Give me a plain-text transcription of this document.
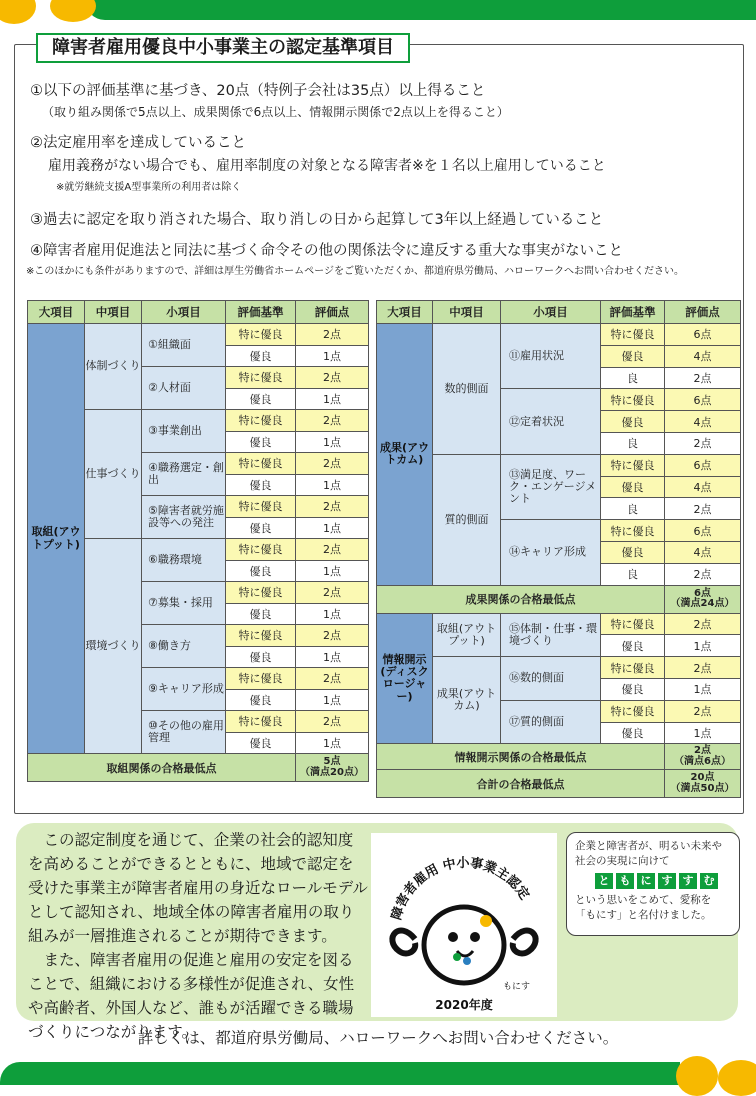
障害者雇用優良中小事業主の認定基準項目
①以下の評価基準に基づき、20点（特例子会社は35点）以上得ること
（取り組み関係で5点以上、成果関係で6点以上、情報開示関係で2点以上を得ること）
②法定雇用率を達成していること
雇用義務がない場合でも、雇用率制度の対象となる障害者※を１名以上雇用していること
※就労継続支援A型事業所の利用者は除く
③過去に認定を取り消された場合、取り消しの日から起算して3年以上経過していること
④障害者雇用促進法と同法に基づく命令その他の関係法令に違反する重大な事実がないこと
※このほかにも条件がありますので、詳細は厚生労働省ホームページをご覧いただくか、都道府県労働局、ハローワークへお問い合わせください。
大項目	中項目	小項目	評価基準	評価点
取組(アウトプット)	体制づくり	①組織面	特に優良	2点
			優良	1点
		②人材面	特に優良	2点
			優良	1点
	仕事づくり	③事業創出	特に優良	2点
			優良	1点
		④職務選定・創出	特に優良	2点
			優良	1点
		⑤障害者就労施設等への発注	特に優良	2点
			優良	1点
	環境づくり	⑥職務環境	特に優良	2点
			優良	1点
		⑦募集・採用	特に優良	2点
			優良	1点
		⑧働き方	特に優良	2点
			優良	1点
		⑨キャリア形成	特に優良	2点
			優良	1点
		⑩その他の雇用管理	特に優良	2点
			優良	1点
取組関係の合格最低点				5点
（満点20点）
大項目	中項目	小項目	評価基準	評価点
成果(アウトカム)	数的側面	⑪雇用状況	特に優良	6点
			優良	4点
			良	2点
		⑫定着状況	特に優良	6点
			優良	4点
			良	2点
	質的側面	⑬満足度、ワーク・エンゲージメント	特に優良	6点
			優良	4点
			良	2点
		⑭キャリア形成	特に優良	6点
			優良	4点
			良	2点
成果関係の合格最低点				6点
（満点24点）

情報開示(ディスクロージャー)	取組(アウトプット)	⑮体制・仕事・環境づくり	特に優良	2点
			優良	1点
	成果(アウトカム)	⑯数的側面	特に優良	2点
			優良	1点
		⑰質的側面	特に優良	2点
			優良	1点
情報開示関係の合格最低点				2点
（満点6点）

合計の合格最低点				20点
（満点50点）
　この認定制度を通じて、企業の社会的認知度を高めることができるとともに、地域で認定を受けた事業主が障害者雇用の身近なロールモデルとして認知され、地域全体の障害者雇用の取り組みが一層推進されることが期待できます。
　また、障害者雇用の促進と雇用の安定を図ることで、組織における多様性が促進され、女性や高齢者、外国人など、誰もが活躍できる職場づくりにつながります。
障害者雇用 中小事業主認定
もにす
2020年度
企業と障害者が、明るい未来や社会の実現に向けて
と も に す す む
という思いをこめて、愛称を「もにす」と名付けました。
詳しくは、都道府県労働局、ハローワークへお問い合わせください。
